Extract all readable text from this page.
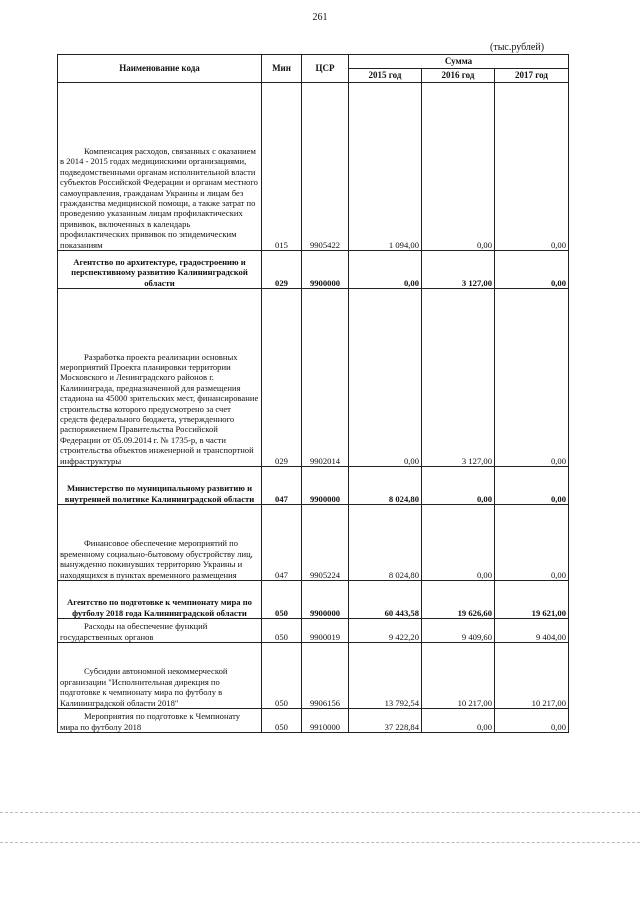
261
(тыс.рублей)
Наименование кода	Мин	ЦСР	Сумма		
			2015 год	2016 год	2017 год
Компенсация расходов, связанных с оказанием в 2014 - 2015 годах медицинскими организациями, подведомственными органам исполнительной власти субъектов Российской Федерации и органам местного самоуправления, гражданам Украины и лицам без гражданства медицинской помощи, а также затрат по проведению указанным лицам профилактических прививок, включенных в календарь профилактических прививок по эпидемическим показаниям	015	9905422	1 094,00	0,00	0,00
Агентство по архитектуре, градостроению и перспективному развитию Калининградской области	029	9900000	0,00	3 127,00	0,00
Разработка проекта реализации основных мероприятий Проекта планировки территории Московского и Ленинградского районов г. Калининграда, предназначенной для размещения стадиона на 45000 зрительских мест, финансирование строительства которого предусмотрено за счет средств федерального бюджета, утвержденного распоряжением Правительства Российской Федерации от 05.09.2014 г. № 1735-р, в части строительства объектов инженерной и транспортной инфраструктуры	029	9902014	0,00	3 127,00	0,00
Министерство по муниципальному развитию и внутренней политике Калининградской области	047	9900000	8 024,80	0,00	0,00
Финансовое обеспечение мероприятий по временному социально-бытовому обустройству лиц, вынужденно покинувших территорию Украины и находящихся в пунктах временного размещения	047	9905224	8 024,80	0,00	0,00
Агентство по подготовке к чемпионату мира по футболу 2018 года Калининградской области	050	9900000	60 443,58	19 626,60	19 621,00
Расходы на обеспечение функций государственных органов	050	9900019	9 422,20	9 409,60	9 404,00
Субсидии автономной некоммерческой организации "Исполнительная дирекция по подготовке к чемпионату мира по футболу в Калининградской области 2018"	050	9906156	13 792,54	10 217,00	10 217,00
Мероприятия по подготовке к Чемпионату мира по футболу 2018	050	9910000	37 228,84	0,00	0,00
